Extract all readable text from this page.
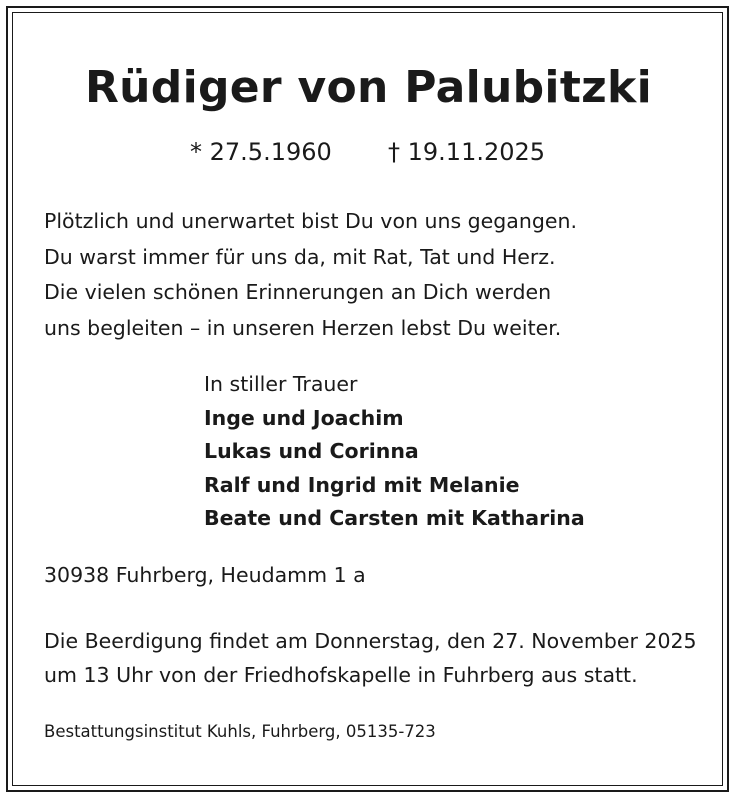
Rüdiger von Palubitzki
* 27.5.1960 † 19.11.2025
Plötzlich und unerwartet bist Du von uns gegangen.
Du warst immer für uns da, mit Rat, Tat und Herz.
Die vielen schönen Erinnerungen an Dich werden
uns begleiten – in unseren Herzen lebst Du weiter.
In stiller Trauer
Inge und Joachim
Lukas und Corinna
Ralf und Ingrid mit Melanie
Beate und Carsten mit Katharina
30938 Fuhrberg, Heudamm 1 a
Die Beerdigung findet am Donnerstag, den 27. November 2025
um 13 Uhr von der Friedhofskapelle in Fuhrberg aus statt.
Bestattungsinstitut Kuhls, Fuhrberg, 05135-723
